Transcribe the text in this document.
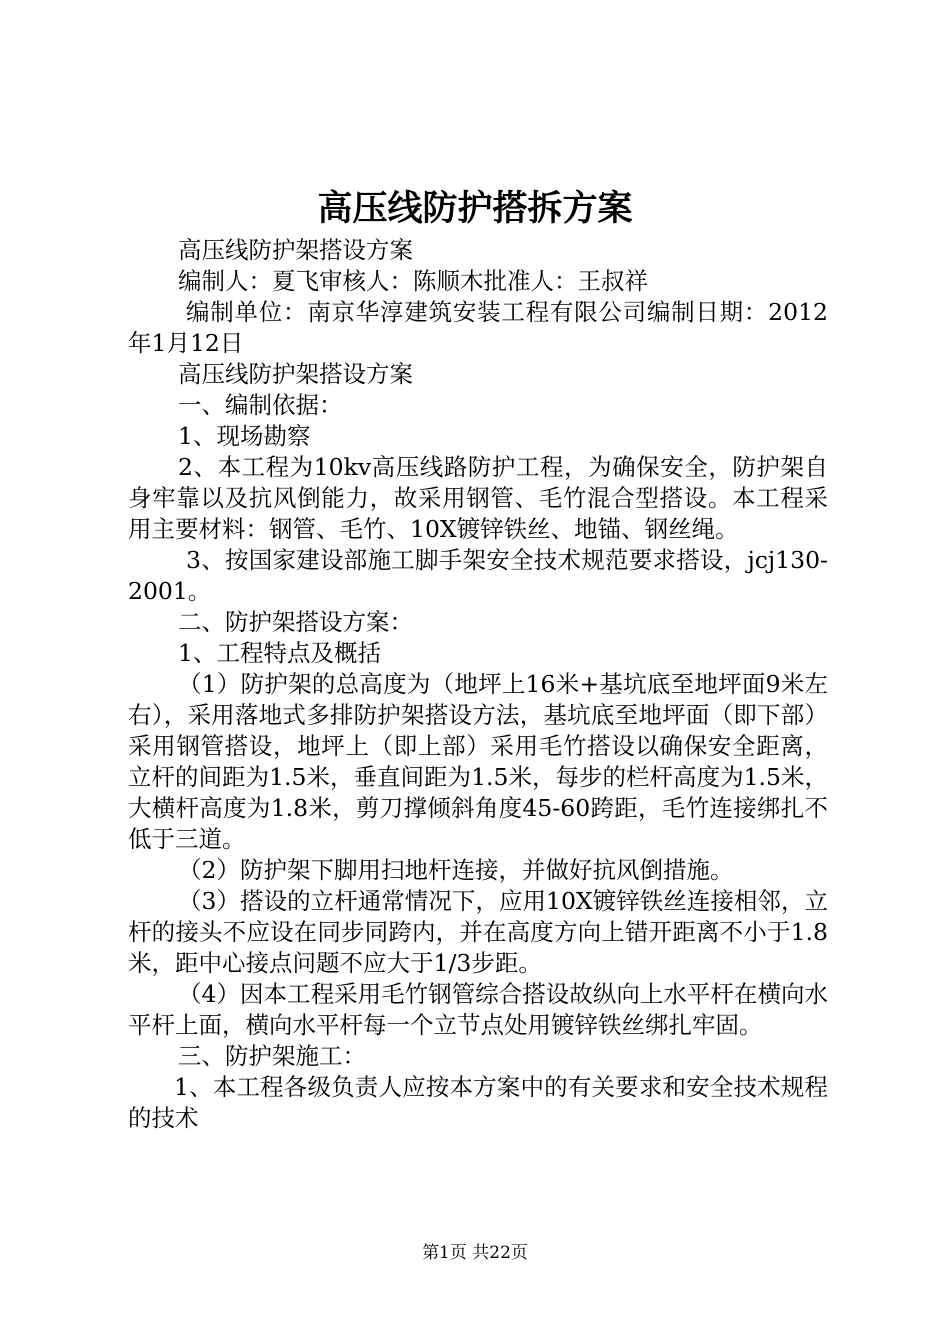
高压线防护搭拆方案

高压线防护架搭设方案

编制人：夏飞审核人：陈顺木批准人：王叔祥

编制单位：南京华淳建筑安装工程有限公司编制日期：2012年1月12日

高压线防护架搭设方案

一、编制依据：

1、现场勘察

2、本工程为10kv高压线路防护工程，为确保安全，防护架自身牢靠以及抗风倒能力，故采用钢管、毛竹混合型搭设。本工程采用主要材料：钢管、毛竹、10X镀锌铁丝、地锚、钢丝绳。

3、按国家建设部施工脚手架安全技术规范要求搭设，jcj130-2001。

二、防护架搭设方案：

1、工程特点及概括

（1）防护架的总高度为（地坪上16米+基坑底至地坪面9米左右），采用落地式多排防护架搭设方法，基坑底至地坪面（即下部）采用钢管搭设，地坪上（即上部）采用毛竹搭设以确保安全距离，立杆的间距为1.5米，垂直间距为1.5米，每步的栏杆高度为1.5米，大横杆高度为1.8米，剪刀撑倾斜角度45-60跨距，毛竹连接绑扎不低于三道。

（2）防护架下脚用扫地杆连接，并做好抗风倒措施。

（3）搭设的立杆通常情况下，应用10X镀锌铁丝连接相邻，立杆的接头不应设在同步同跨内，并在高度方向上错开距离不小于1.8米，距中心接点问题不应大于1/3步距。

（4）因本工程采用毛竹钢管综合搭设故纵向上水平杆在横向水平杆上面，横向水平杆每一个立节点处用镀锌铁丝绑扎牢固。

三、防护架施工：

1、本工程各级负责人应按本方案中的有关要求和安全技术规程的技术

第1页 共22页
